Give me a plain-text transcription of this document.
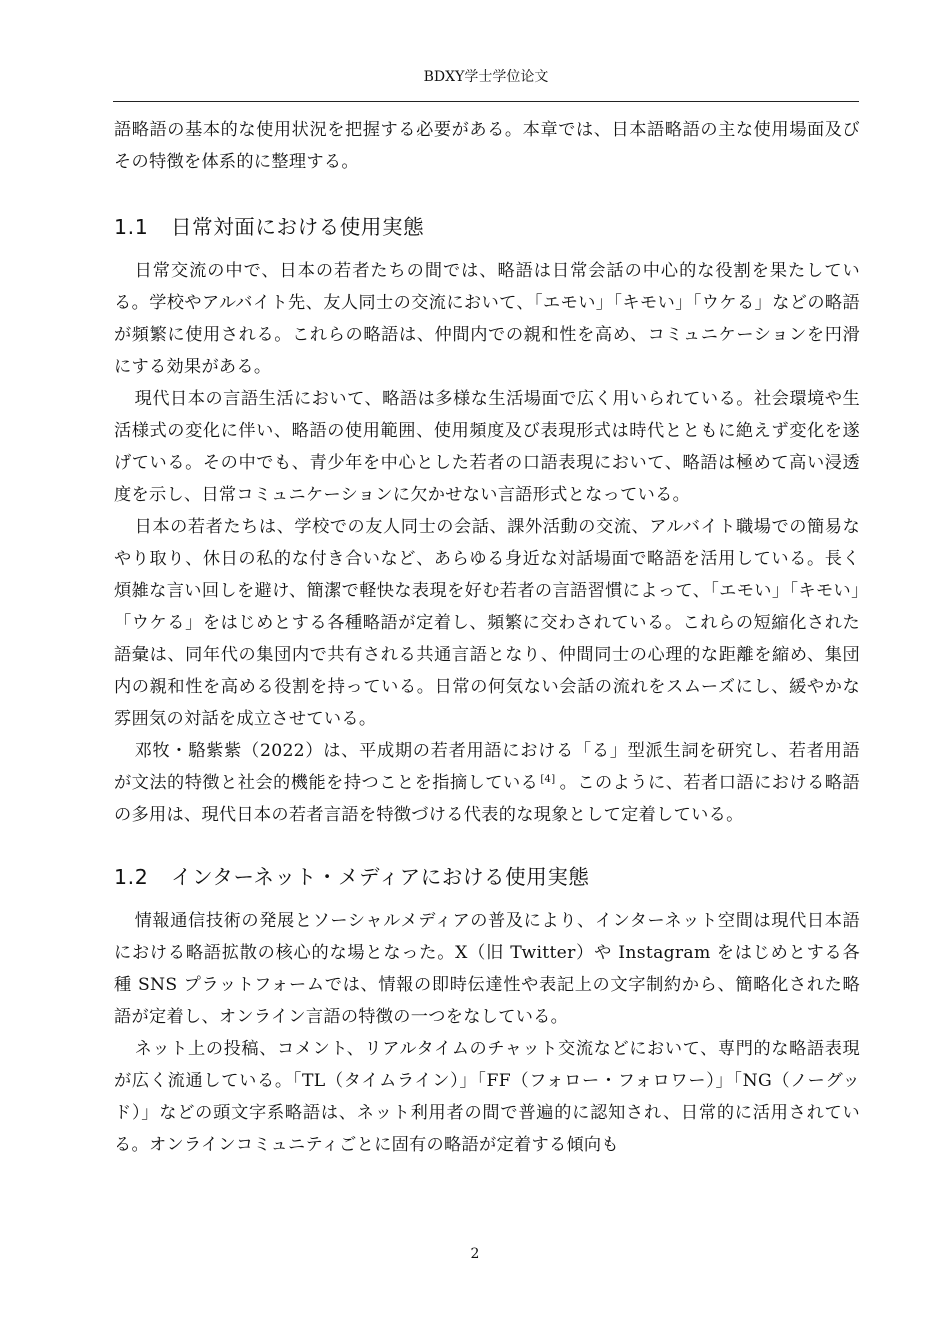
BDXY学士学位论文

語略語の基本的な使用状況を把握する必要がある。本章では、日本語略語の主な使用場面及びその特徴を体系的に整理する。

1.1 日常対面における使用実態

日常交流の中で、日本の若者たちの間では、略語は日常会話の中心的な役割を果たしている。学校やアルバイト先、友人同士の交流において、「エモい」「キモい」「ウケる」などの略語が頻繁に使用される。これらの略語は、仲間内での親和性を高め、コミュニケーションを円滑にする効果がある。

現代日本の言語生活において、略語は多様な生活場面で広く用いられている。社会環境や生活様式の変化に伴い、略語の使用範囲、使用頻度及び表現形式は時代とともに絶えず変化を遂げている。その中でも、青少年を中心とした若者の口語表現において、略語は極めて高い浸透度を示し、日常コミュニケーションに欠かせない言語形式となっている。

日本の若者たちは、学校での友人同士の会話、課外活動の交流、アルバイト職場での簡易なやり取り、休日の私的な付き合いなど、あらゆる身近な対話場面で略語を活用している。長く煩雑な言い回しを避け、簡潔で軽快な表現を好む若者の言語習慣によって、「エモい」「キモい」「ウケる」をはじめとする各種略語が定着し、頻繁に交わされている。これらの短縮化された語彙は、同年代の集団内で共有される共通言語となり、仲間同士の心理的な距離を縮め、集団内の親和性を高める役割を持っている。日常の何気ない会話の流れをスムーズにし、緩やかな雰囲気の対話を成立させている。

邓牧・駱紫紫（2022）は、平成期の若者用語における「る」型派生詞を研究し、若者用語が文法的特徴と社会的機能を持つことを指摘している [4] 。このように、若者口語における略語の多用は、現代日本の若者言語を特徴づける代表的な現象として定着している。

1.2 インターネット・メディアにおける使用実態

情報通信技術の発展とソーシャルメディアの普及により、インターネット空間は現代日本語における略語拡散の核心的な場となった。X（旧 Twitter）や Instagram をはじめとする各種 SNS プラットフォームでは、情報の即時伝達性や表記上の文字制約から、簡略化された略語が定着し、オンライン言語の特徴の一つをなしている。

ネット上の投稿、コメント、リアルタイムのチャット交流などにおいて、専門的な略語表現が広く流通している。「TL（タイムライン）」「FF（フォロー・フォロワー）」「NG（ノーグッド）」などの頭文字系略語は、ネット利用者の間で普遍的に認知され、日常的に活用されている。オンラインコミュニティごとに固有の略語が定着する傾向も

2
